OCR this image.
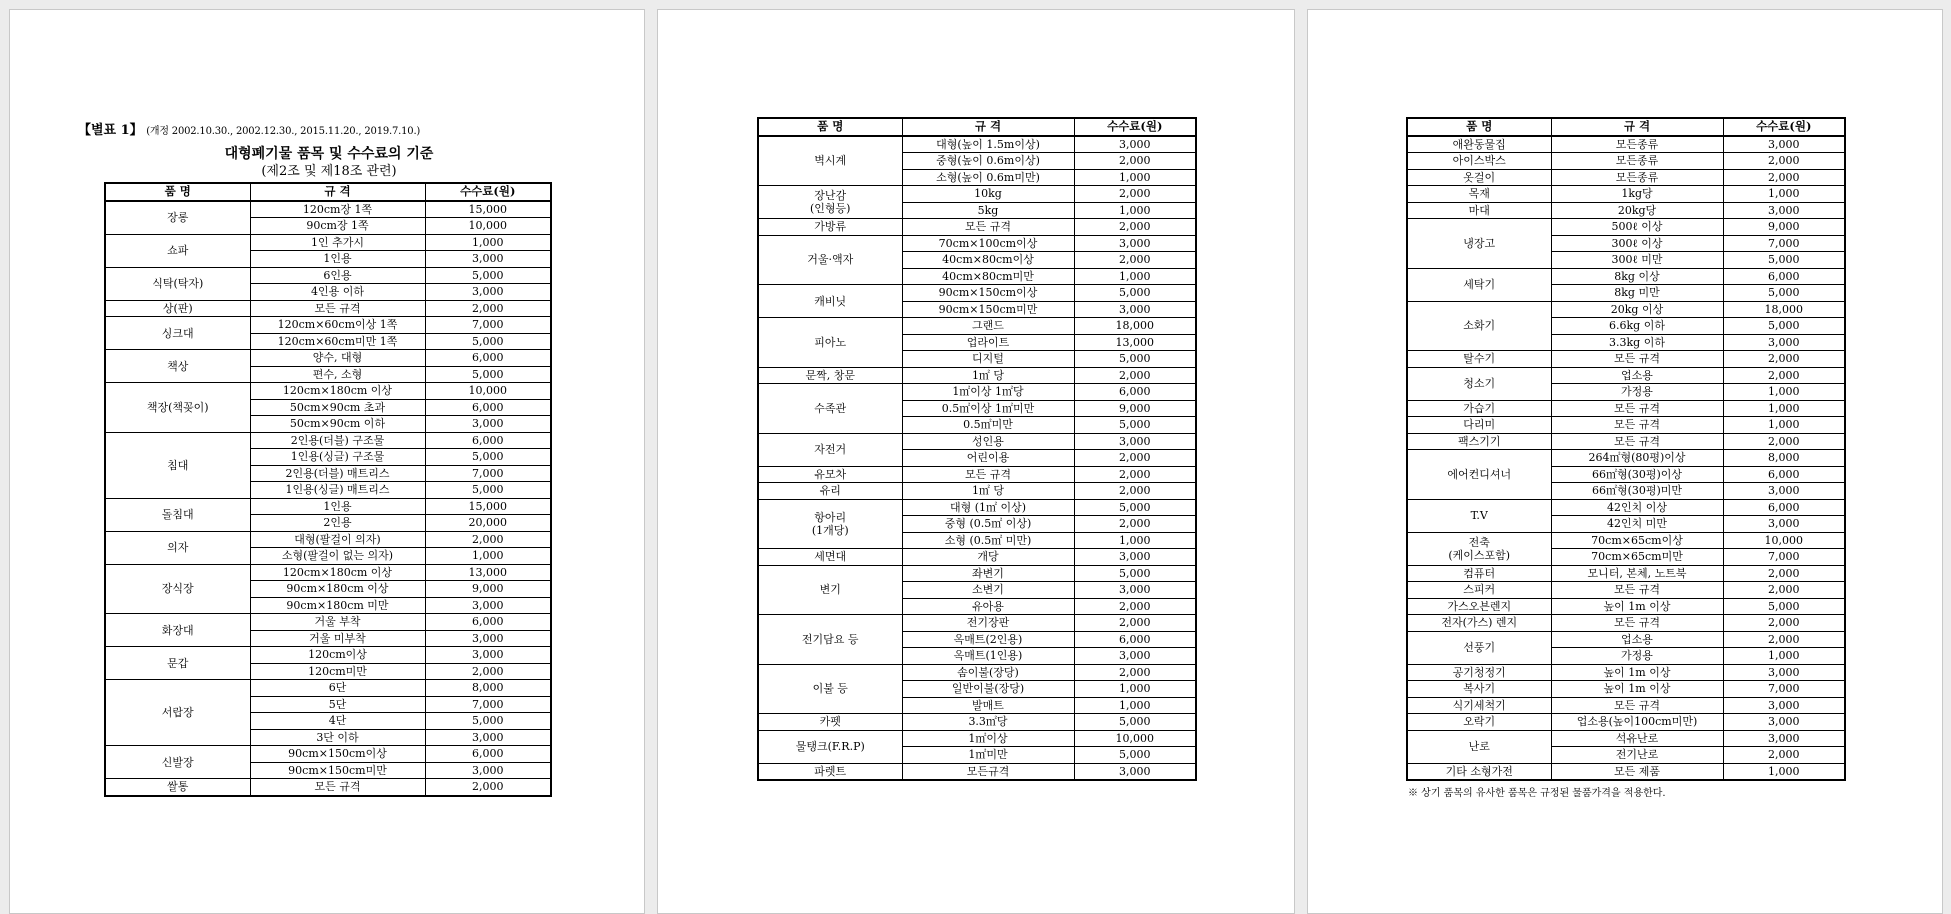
【별표 1】 (개정 2002.10.30., 2002.12.30., 2015.11.20., 2019.7.10.)
대형폐기물 품목 및 수수료의 기준
(제2조 및 제18조 관련)
품 명	규 격	수수료(원)
장롱	120cm장 1쪽	15,000
	90cm장 1쪽	10,000
쇼파	1인 추가시	1,000
	1인용	3,000
식탁(탁자)	6인용	5,000
	4인용 이하	3,000
상(판)	모든 규격	2,000
싱크대	120cm×60cm이상 1쪽	7,000
	120cm×60cm미만 1쪽	5,000
책상	양수, 대형	6,000
	편수, 소형	5,000
책장(책꽂이)	120cm×180cm 이상	10,000
	50cm×90cm 초과	6,000
	50cm×90cm 이하	3,000
침대	2인용(더블) 구조물	6,000
	1인용(싱글) 구조물	5,000
	2인용(더블) 매트리스	7,000
	1인용(싱글) 매트리스	5,000
돌침대	1인용	15,000
	2인용	20,000
의자	대형(팔걸이 의자)	2,000
	소형(팔걸이 없는 의자)	1,000
장식장	120cm×180cm 이상	13,000
	90cm×180cm 이상	9,000
	90cm×180cm 미만	3,000
화장대	거울 부착	6,000
	거울 미부착	3,000
문갑	120cm이상	3,000
	120cm미만	2,000
서랍장	6단	8,000
	5단	7,000
	4단	5,000
	3단 이하	3,000
신발장	90cm×150cm이상	6,000
	90cm×150cm미만	3,000
쌀통	모든 규격	2,000
품 명	규 격	수수료(원)
벽시계	대형(높이 1.5m이상)	3,000
	중형(높이 0.6m이상)	2,000
	소형(높이 0.6m미만)	1,000
장난감
(인형등)	10kg	2,000
	5kg	1,000
가방류	모든 규격	2,000
거울·액자	70cm×100cm이상	3,000
	40cm×80cm이상	2,000
	40cm×80cm미만	1,000
캐비닛	90cm×150cm이상	5,000
	90cm×150cm미만	3,000
피아노	그랜드	18,000
	업라이트	13,000
	디지털	5,000
문짝, 창문	1㎡ 당	2,000
수족관	1㎡이상 1㎡당	6,000
	0.5㎡이상 1㎡미만	9,000
	0.5㎡미만	5,000
자전거	성인용	3,000
	어린이용	2,000
유모차	모든 규격	2,000
유리	1㎡ 당	2,000
항아리
(1개당)	대형 (1㎡ 이상)	5,000
	중형 (0.5㎡ 이상)	2,000
	소형 (0.5㎡ 미만)	1,000
세면대	개당	3,000
변기	좌변기	5,000
	소변기	3,000
	유아용	2,000
전기담요 등	전기장판	2,000
	옥매트(2인용)	6,000
	옥매트(1인용)	3,000
이불 등	솜이불(장당)	2,000
	일반이불(장당)	1,000
	발매트	1,000
카펫	3.3㎡당	5,000
물탱크(F.R.P)	1㎡이상	10,000
	1㎡미만	5,000
파렛트	모든규격	3,000
※ 상기 품목의 유사한 품목은 규정된 물품가격을 적용한다.
품 명	규 격	수수료(원)
애완동물집	모든종류	3,000
아이스박스	모든종류	2,000
옷걸이	모든종류	2,000
목재	1kg당	1,000
마대	20kg당	3,000
냉장고	500ℓ 이상	9,000
	300ℓ 이상	7,000
	300ℓ 미만	5,000
세탁기	8kg 이상	6,000
	8kg 미만	5,000
소화기	20kg 이상	18,000
	6.6kg 이하	5,000
	3.3kg 이하	3,000
탈수기	모든 규격	2,000
청소기	업소용	2,000
	가정용	1,000
가습기	모든 규격	1,000
다리미	모든 규격	1,000
팩스기기	모든 규격	2,000
에어컨디셔너	264㎡형(80평)이상	8,000
	66㎡형(30평)이상	6,000
	66㎡형(30평)미만	3,000
T.V	42인치 이상	6,000
	42인치 미만	3,000
전축
(케이스포함)	70cm×65cm이상	10,000
	70cm×65cm미만	7,000
컴퓨터	모니터, 본체, 노트북	2,000
스피커	모든 규격	2,000
가스오븐렌지	높이 1m 이상	5,000
전자(가스) 렌지	모든 규격	2,000
선풍기	업소용	2,000
	가정용	1,000
공기청정기	높이 1m 이상	3,000
복사기	높이 1m 이상	7,000
식기세척기	모든 규격	3,000
오락기	업소용(높이100cm미만)	3,000
난로	석유난로	3,000
	전기난로	2,000
기타 소형가전	모든 제품	1,000
